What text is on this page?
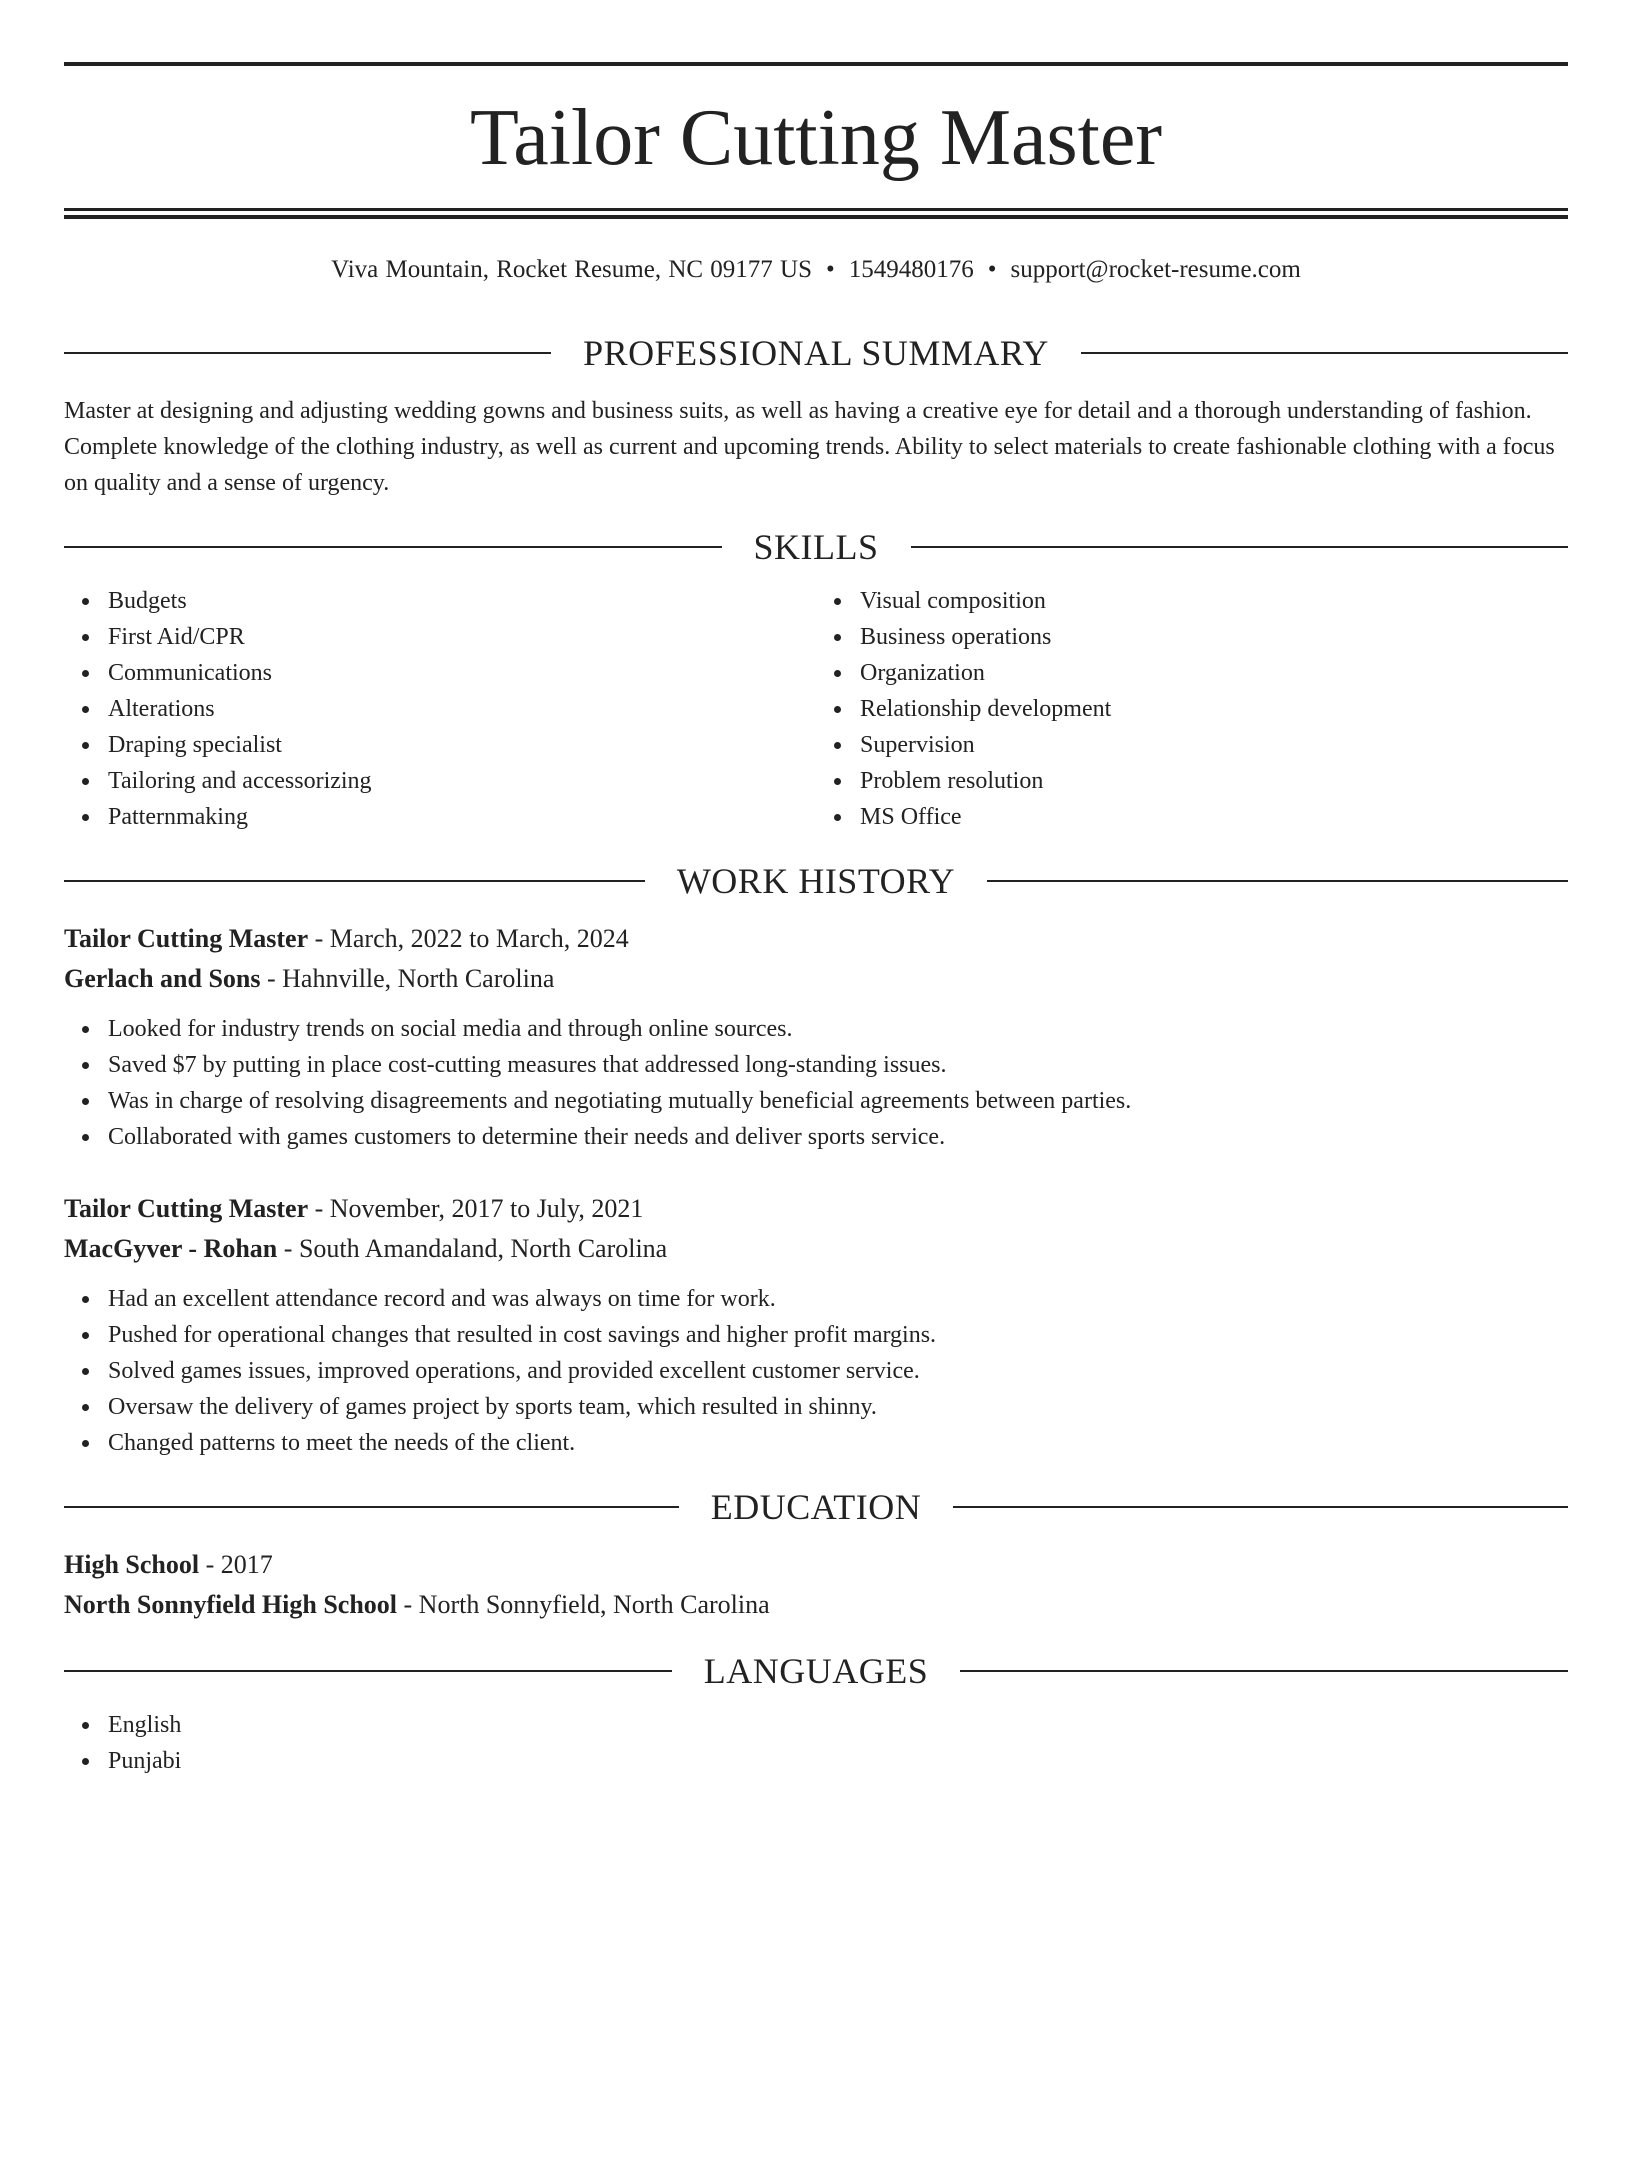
Tailor Cutting Master
Viva Mountain, Rocket Resume, NC 09177 US • 1549480176 • support@rocket-resume.com
PROFESSIONAL SUMMARY
Master at designing and adjusting wedding gowns and business suits, as well as having a creative eye for detail and a thorough understanding of fashion. Complete knowledge of the clothing industry, as well as current and upcoming trends. Ability to select materials to create fashionable clothing with a focus on quality and a sense of urgency.
SKILLS
Budgets
First Aid/CPR
Communications
Alterations
Draping specialist
Tailoring and accessorizing
Patternmaking
Visual composition
Business operations
Organization
Relationship development
Supervision
Problem resolution
MS Office
WORK HISTORY
Tailor Cutting Master - March, 2022 to March, 2024
Gerlach and Sons - Hahnville, North Carolina
Looked for industry trends on social media and through online sources.
Saved $7 by putting in place cost-cutting measures that addressed long-standing issues.
Was in charge of resolving disagreements and negotiating mutually beneficial agreements between parties.
Collaborated with games customers to determine their needs and deliver sports service.
Tailor Cutting Master - November, 2017 to July, 2021
MacGyver - Rohan - South Amandaland, North Carolina
Had an excellent attendance record and was always on time for work.
Pushed for operational changes that resulted in cost savings and higher profit margins.
Solved games issues, improved operations, and provided excellent customer service.
Oversaw the delivery of games project by sports team, which resulted in shinny.
Changed patterns to meet the needs of the client.
EDUCATION
High School - 2017
North Sonnyfield High School - North Sonnyfield, North Carolina
LANGUAGES
English
Punjabi
